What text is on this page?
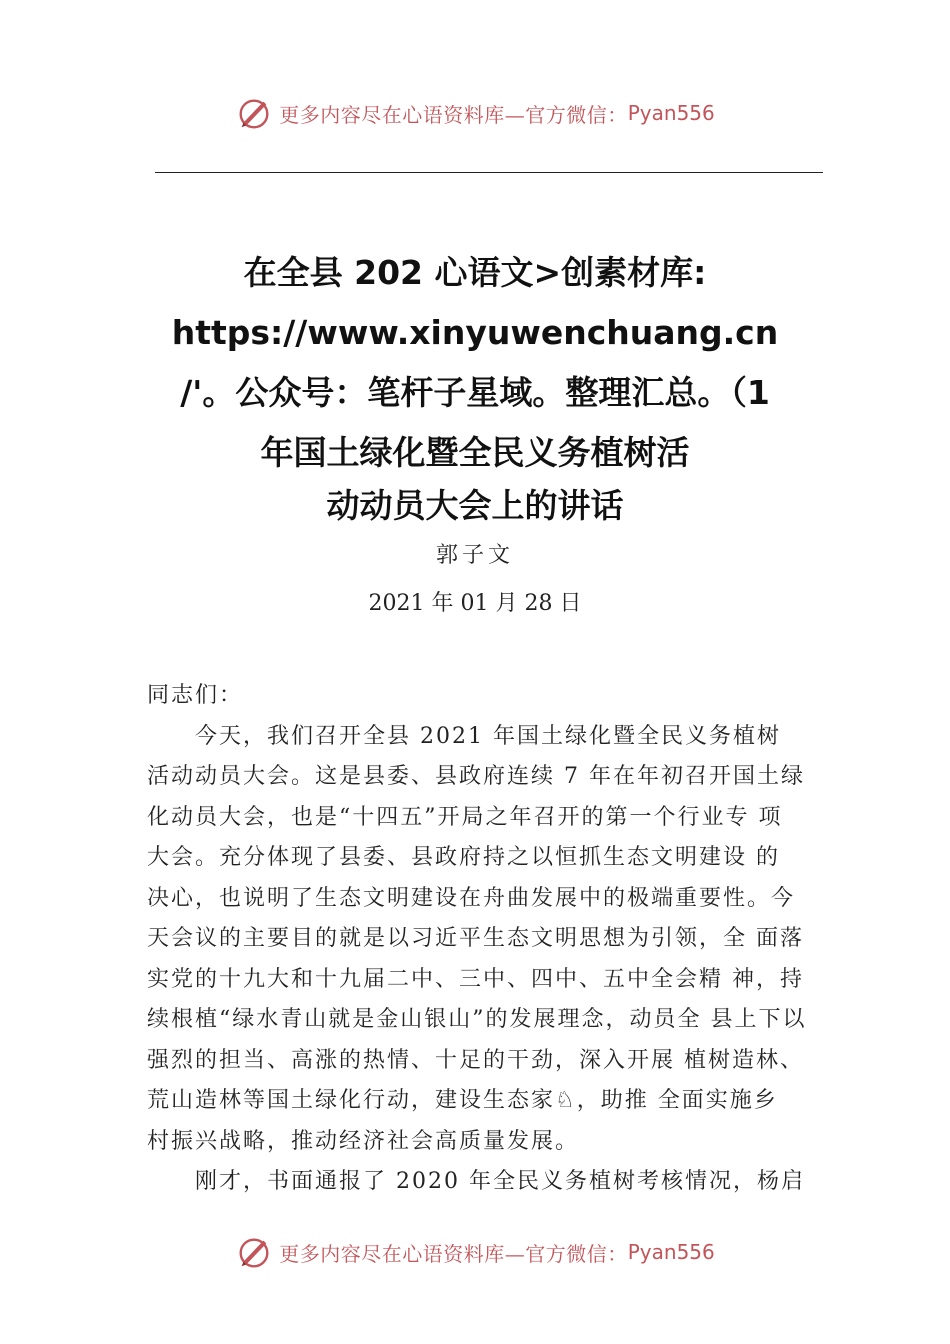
更多内容尽在心语资料库—官方微信： Pyan556
在全县 202 心语文>创素材库:
https://www.xinyuwenchuang.cn
/'。公众号：笔杆子星域。整理汇总。（1
年国土绿化暨全民义务植树活
动动员大会上的讲话
郭子文
2021 年 01 月 28 日
同志们：
今天，我们召开全县 2021 年国土绿化暨全民义务植树
活动动员大会。这是县委、县政府连续 7 年在年初召开国土绿
化动员大会，也是“十四五”开局之年召开的第一个行业专 项
大会。充分体现了县委、县政府持之以恒抓生态文明建设 的
决心，也说明了生态文明建设在舟曲发展中的极端重要性。今
天会议的主要目的就是以习近平生态文明思想为引领，全 面落
实党的十九大和十九届二中、三中、四中、五中全会精 神，持
续根植“绿水青山就是金山银山”的发展理念，动员全 县上下以
强烈的担当、高涨的热情、十足的干劲，深入开展 植树造林、
荒山造林等国土绿化行动，建设生态家♘，助推 全面实施乡
村振兴战略，推动经济社会高质量发展。
刚才，书面通报了 2020 年全民义务植树考核情况，杨启
更多内容尽在心语资料库—官方微信： Pyan556
